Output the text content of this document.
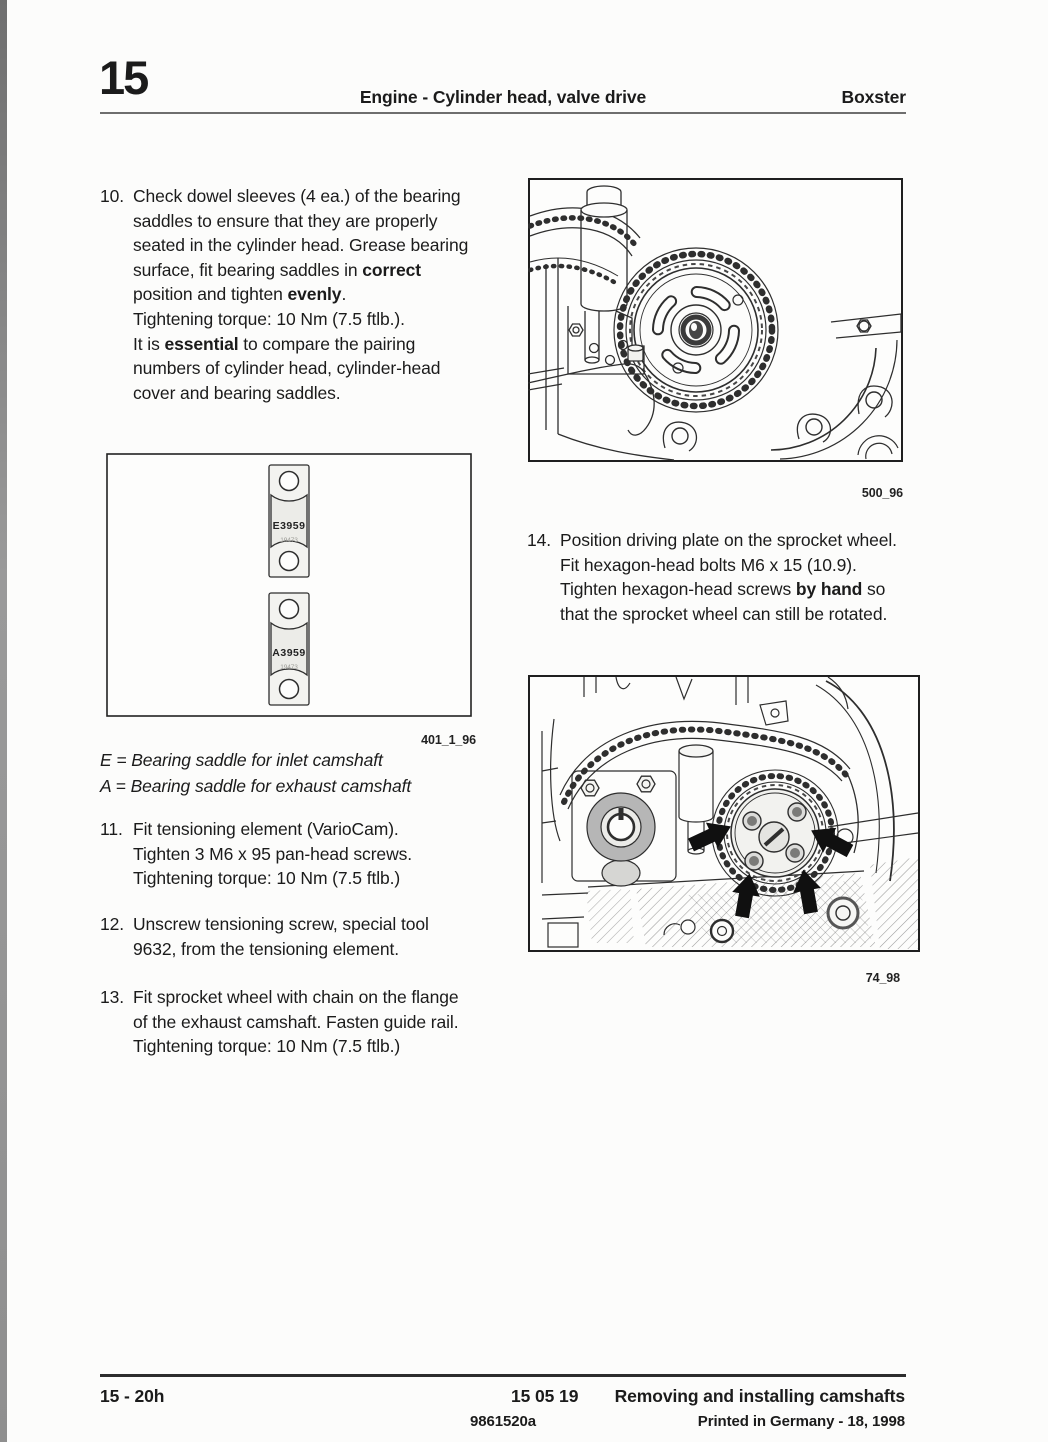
15	Engine - Cylinder head, valve drive	Boxster
10. Check dowel sleeves (4 ea.) of the bearing
saddles to ensure that they are properly
seated in the cylinder head. Grease bearing
surface, fit bearing saddles in correct
position and tighten evenly.
Tightening torque: 10 Nm (7.5 ftlb.).
It is essential to compare the pairing
numbers of cylinder head, cylinder-head
cover and bearing saddles.
E3959
19473
A3959
19473
401_1_96
E = Bearing saddle for inlet camshaft
A = Bearing saddle for exhaust camshaft
11. Fit tensioning element (VarioCam).
Tighten 3 M6 x 95 pan-head screws.
Tightening torque: 10 Nm (7.5 ftlb.)
12. Unscrew tensioning screw, special tool
9632, from the tensioning element.
13. Fit sprocket wheel with chain on the flange
of the exhaust camshaft. Fasten guide rail.
Tightening torque: 10 Nm (7.5 ftlb.)
500_96
14. Position driving plate on the sprocket wheel.
Fit hexagon-head bolts M6 x 15 (10.9).
Tighten hexagon-head screws by hand so
that the sprocket wheel can still be rotated.
74_98
15 - 20h	15 05 19 Removing and installing camshafts
9861520a	Printed in Germany - 18, 1998
